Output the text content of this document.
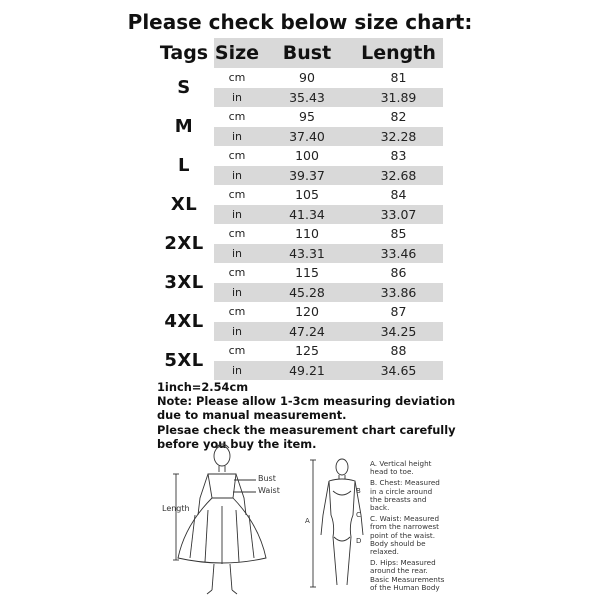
Please check below size chart:
Tags Size	Bust	Length
S	cm	90	81
in	35.43	31.89
M	cm	95	82
in	37.40	32.28
L	cm	100	83
in	39.37	32.68
XL	cm	105	84
in	41.34	33.07
2XL	cm	110	85
in	43.31	33.46
3XL	cm	115	86
in	45.28	33.86
4XL	cm	120	87
in	47.24	34.25
5XL	cm	125	88
in	49.21	34.65
1inch=2.54cm
Note: Please allow 1-3cm measuring deviation
due to manual measurement.
Plesae check the measurement chart carefully
before you buy the item.
Bust
Waist
Length
A
B
C
D

A. Vertical height head to toe.

B. Chest: Measured in a circle around the breasts and back.

C. Waist: Measured from the narrowest point of the waist. Body should be relaxed.

D. Hips: Measured around the rear. Basic Measurements of the Human Body
